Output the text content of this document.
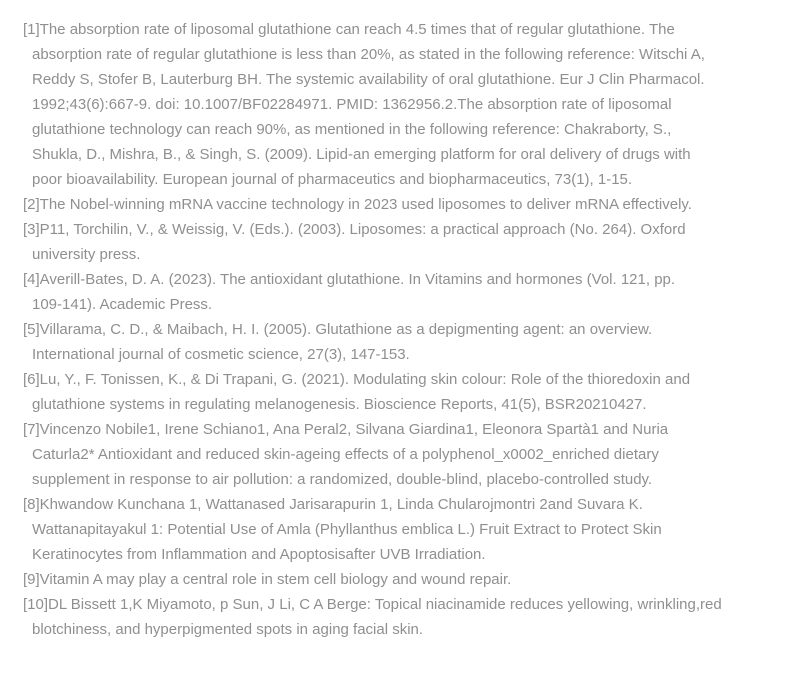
[1]The absorption rate of liposomal glutathione can reach 4.5 times that of regular glutathione. The
absorption rate of regular glutathione is less than 20%, as stated in the following reference: Witschi A,
Reddy S, Stofer B, Lauterburg BH. The systemic availability of oral glutathione. Eur J Clin Pharmacol.
1992;43(6):667-9. doi: 10.1007/BF02284971. PMID: 1362956.2.The absorption rate of liposomal
glutathione technology can reach 90%, as mentioned in the following reference: Chakraborty, S.,
Shukla, D., Mishra, B., & Singh, S. (2009). Lipid-an emerging platform for oral delivery of drugs with
poor bioavailability. European journal of pharmaceutics and biopharmaceutics, 73(1), 1-15.
[2]The Nobel-winning mRNA vaccine technology in 2023 used liposomes to deliver mRNA effectively.
[3]P11, Torchilin, V., & Weissig, V. (Eds.). (2003). Liposomes: a practical approach (No. 264). Oxford
university press.
[4]Averill-Bates, D. A. (2023). The antioxidant glutathione. In Vitamins and hormones (Vol. 121, pp.
109-141). Academic Press.
[5]Villarama, C. D., & Maibach, H. I. (2005). Glutathione as a depigmenting agent: an overview.
International journal of cosmetic science, 27(3), 147-153.
[6]Lu, Y., F. Tonissen, K., & Di Trapani, G. (2021). Modulating skin colour: Role of the thioredoxin and
glutathione systems in regulating melanogenesis. Bioscience Reports, 41(5), BSR20210427.
[7]Vincenzo Nobile1, Irene Schiano1, Ana Peral2, Silvana Giardina1, Eleonora Spartà1 and Nuria
Caturla2* Antioxidant and reduced skin-ageing effects of a polyphenol_x0002_enriched dietary
supplement in response to air pollution: a randomized, double-blind, placebo-controlled study.
[8]Khwandow Kunchana 1, Wattanased Jarisarapurin 1, Linda Chularojmontri 2and Suvara K.
Wattanapitayakul 1: Potential Use of Amla (Phyllanthus emblica L.) Fruit Extract to Protect Skin
Keratinocytes from Inflammation and Apoptosisafter UVB Irradiation.
[9]Vitamin A may play a central role in stem cell biology and wound repair.
[10]DL Bissett 1,K Miyamoto, p Sun, J Li, C A Berge: Topical niacinamide reduces yellowing, wrinkling,red
blotchiness, and hyperpigmented spots in aging facial skin.
